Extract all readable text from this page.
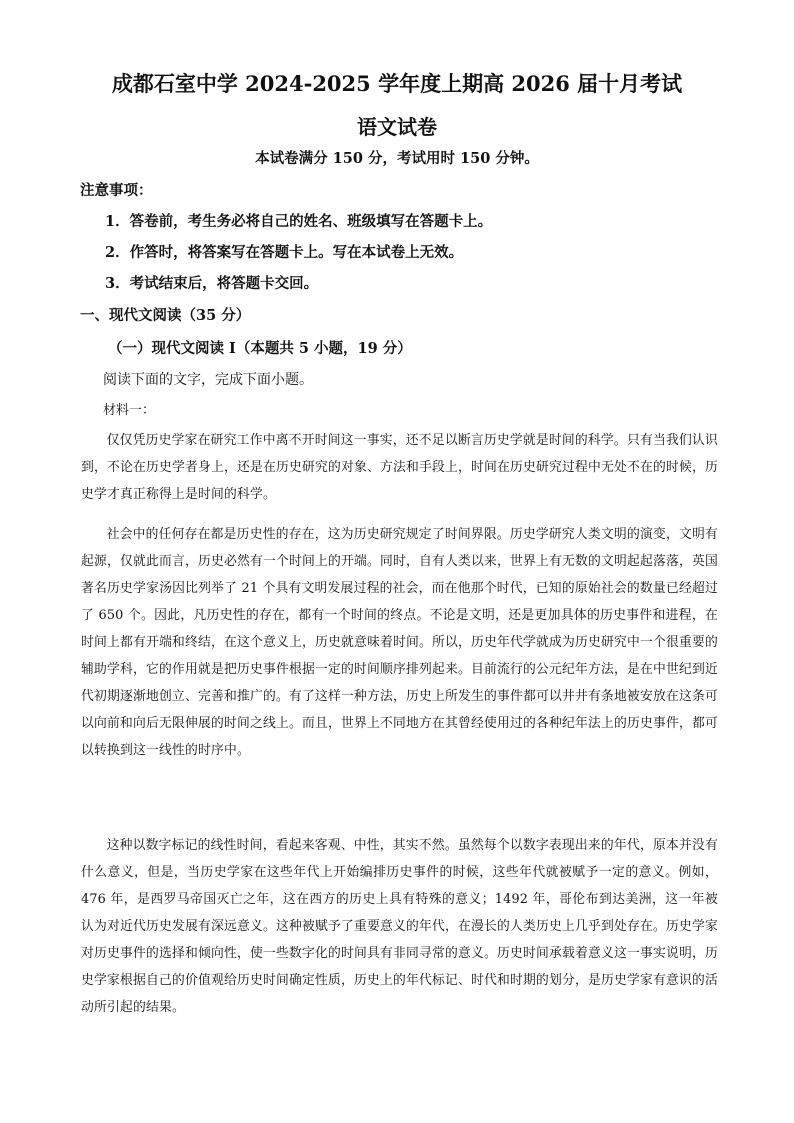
成都石室中学 2024-2025 学年度上期高 2026 届十月考试
语文试卷
本试卷满分 150 分，考试用时 150 分钟。
注意事项：
1．答卷前，考生务必将自己的姓名、班级填写在答题卡上。
2．作答时，将答案写在答题卡上。写在本试卷上无效。
3．考试结束后，将答题卡交回。
一、现代文阅读（35 分）
（一）现代文阅读 I（本题共 5 小题，19 分）
阅读下面的文字，完成下面小题。
材料一：

仅仅凭历史学家在研究工作中离不开时间这一事实，还不足以断言历史学就是时间的科学。只有当我们认识到，不论在历史学者身上，还是在历史研究的对象、方法和手段上，时间在历史研究过程中无处不在的时候，历史学才真正称得上是时间的科学。

社会中的任何存在都是历史性的存在，这为历史研究规定了时间界限。历史学研究人类文明的演变，文明有起源，仅就此而言，历史必然有一个时间上的开端。同时，自有人类以来，世界上有无数的文明起起落落，英国著名历史学家汤因比列举了 21 个具有文明发展过程的社会，而在他那个时代，已知的原始社会的数量已经超过了 650 个。因此，凡历史性的存在，都有一个时间的终点。不论是文明，还是更加具体的历史事件和进程，在时间上都有开端和终结，在这个意义上，历史就意味着时间。所以，历史年代学就成为历史研究中一个很重要的辅助学科，它的作用就是把历史事件根据一定的时间顺序排列起来。目前流行的公元纪年方法，是在中世纪到近代初期逐渐地创立、完善和推广的。有了这样一种方法，历史上所发生的事件都可以井井有条地被安放在这条可以向前和向后无限伸展的时间之线上。而且，世界上不同地方在其曾经使用过的各种纪年法上的历史事件，都可以转换到这一线性的时序中。

这种以数字标记的线性时间，看起来客观、中性，其实不然。虽然每个以数字表现出来的年代，原本并没有什么意义，但是，当历史学家在这些年代上开始编排历史事件的时候，这些年代就被赋予一定的意义。例如，476 年，是西罗马帝国灭亡之年，这在西方的历史上具有特殊的意义；1492 年，哥伦布到达美洲，这一年被认为对近代历史发展有深远意义。这种被赋予了重要意义的年代，在漫长的人类历史上几乎到处存在。历史学家对历史事件的选择和倾向性，使一些数字化的时间具有非同寻常的意义。历史时间承载着意义这一事实说明，历史学家根据自己的价值观给历史时间确定性质，历史上的年代标记、时代和时期的划分，是历史学家有意识的活动所引起的结果。
